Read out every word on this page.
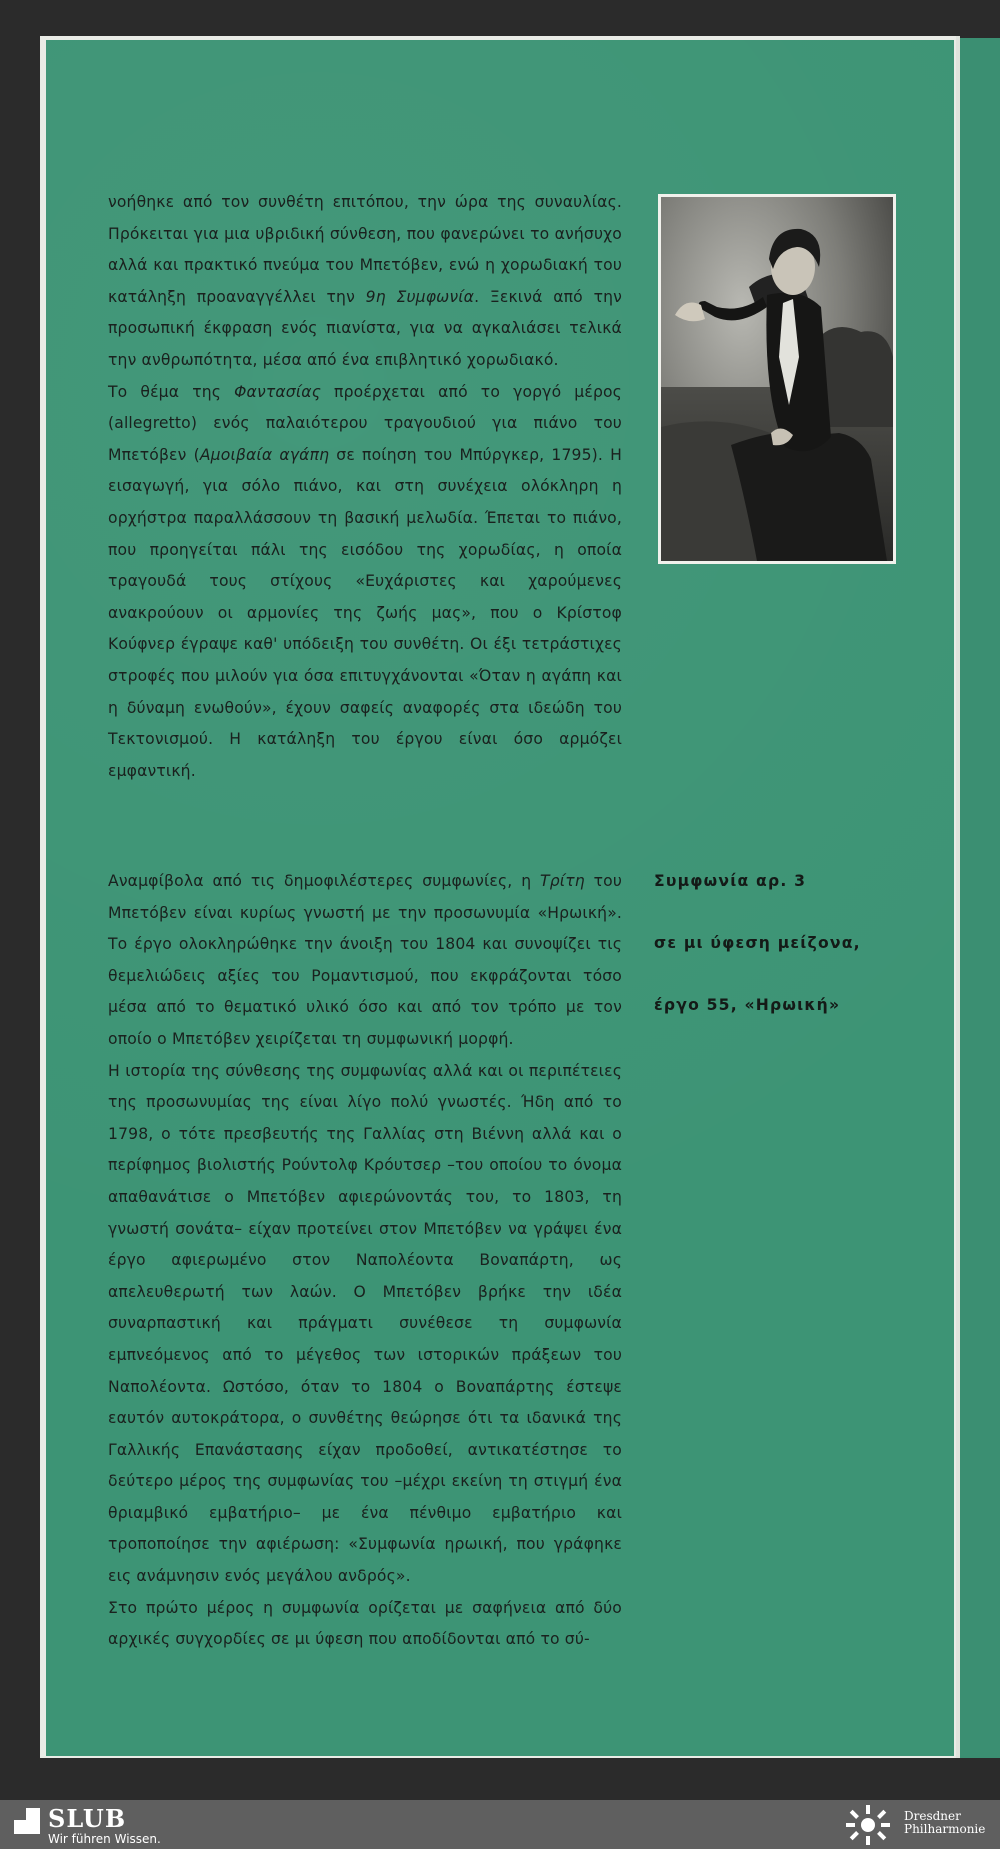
νοήθηκε από τον συνθέτη επιτόπου, την ώρα της συναυλίας. Πρόκειται για μια υβριδική σύνθεση, που φανερώνει το ανήσυχο αλλά και πρακτικό πνεύμα του Μπετόβεν, ενώ η χορωδιακή του κατάληξη προαναγγέλλει την 9η Συμφωνία. Ξεκινά από την προσωπική έκφραση ενός πιανίστα, για να αγκαλιάσει τελικά την ανθρωπότητα, μέσα από ένα επιβλητικό χορωδιακό.

Το θέμα της Φαντασίας προέρχεται από το γοργό μέρος (allegretto) ενός παλαιότερου τραγουδιού για πιάνο του Μπετόβεν (Αμοιβαία αγάπη σε ποίηση του Μπύργκερ, 1795). Η εισαγωγή, για σόλο πιάνο, και στη συνέχεια ολόκληρη η ορχήστρα παραλλάσσουν τη βασική μελωδία. Έπεται το πιάνο, που προηγείται πάλι της εισόδου της χορωδίας, η οποία τραγουδά τους στίχους «Ευχάριστες και χαρούμενες ανακρούουν οι αρμονίες της ζωής μας», που ο Κρίστοφ Κούφνερ έγραψε καθ' υπόδειξη του συνθέτη. Οι έξι τετράστιχες στροφές που μιλούν για όσα επιτυγχάνονται «Όταν η αγάπη και η δύναμη ενωθούν», έχουν σαφείς αναφορές στα ιδεώδη του Τεκτονισμού. Η κατάληξη του έργου είναι όσο αρμόζει εμφαντική.

Αναμφίβολα από τις δημοφιλέστερες συμφωνίες, η Τρίτη του Μπετόβεν είναι κυρίως γνωστή με την προσωνυμία «Ηρωική». Το έργο ολοκληρώθηκε την άνοιξη του 1804 και συνοψίζει τις θεμελιώδεις αξίες του Ρομαντισμού, που εκφράζονται τόσο μέσα από το θεματικό υλικό όσο και από τον τρόπο με τον οποίο ο Μπετόβεν χειρίζεται τη συμφωνική μορφή.

Η ιστορία της σύνθεσης της συμφωνίας αλλά και οι περιπέτειες της προσωνυμίας της είναι λίγο πολύ γνωστές. Ήδη από το 1798, ο τότε πρεσβευτής της Γαλλίας στη Βιέννη αλλά και ο περίφημος βιολιστής Ρούντολφ Κρόυτσερ –του οποίου το όνομα απαθανάτισε ο Μπετόβεν αφιερώνοντάς του, το 1803, τη γνωστή σονάτα– είχαν προτείνει στον Μπετόβεν να γράψει ένα έργο αφιερωμένο στον Ναπολέοντα Βοναπάρτη, ως απελευθερωτή των λαών. Ο Μπετόβεν βρήκε την ιδέα συναρπαστική και πράγματι συνέθεσε τη συμφωνία εμπνεόμενος από το μέγεθος των ιστορικών πράξεων του Ναπολέοντα. Ωστόσο, όταν το 1804 ο Βοναπάρτης έστεψε εαυτόν αυτοκράτορα, ο συνθέτης θεώρησε ότι τα ιδανικά της Γαλλικής Επανάστασης είχαν προδοθεί, αντικατέστησε το δεύτερο μέρος της συμφωνίας του –μέχρι εκείνη τη στιγμή ένα θριαμβικό εμβατήριο– με ένα πένθιμο εμβατήριο και τροποποίησε την αφιέρωση: «Συμφωνία ηρωική, που γράφηκε εις ανάμνησιν ενός μεγάλου ανδρός».

Στο πρώτο μέρος η συμφωνία ορίζεται με σαφήνεια από δύο αρχικές συγχορδίες σε μι ύφεση που αποδίδονται από το σύ-

Συμφωνία αρ. 3
σε μι ύφεση μείζονα,
έργο 55, «Ηρωική»
SLUB
Wir führen Wissen.
Dresdner
Philharmonie
